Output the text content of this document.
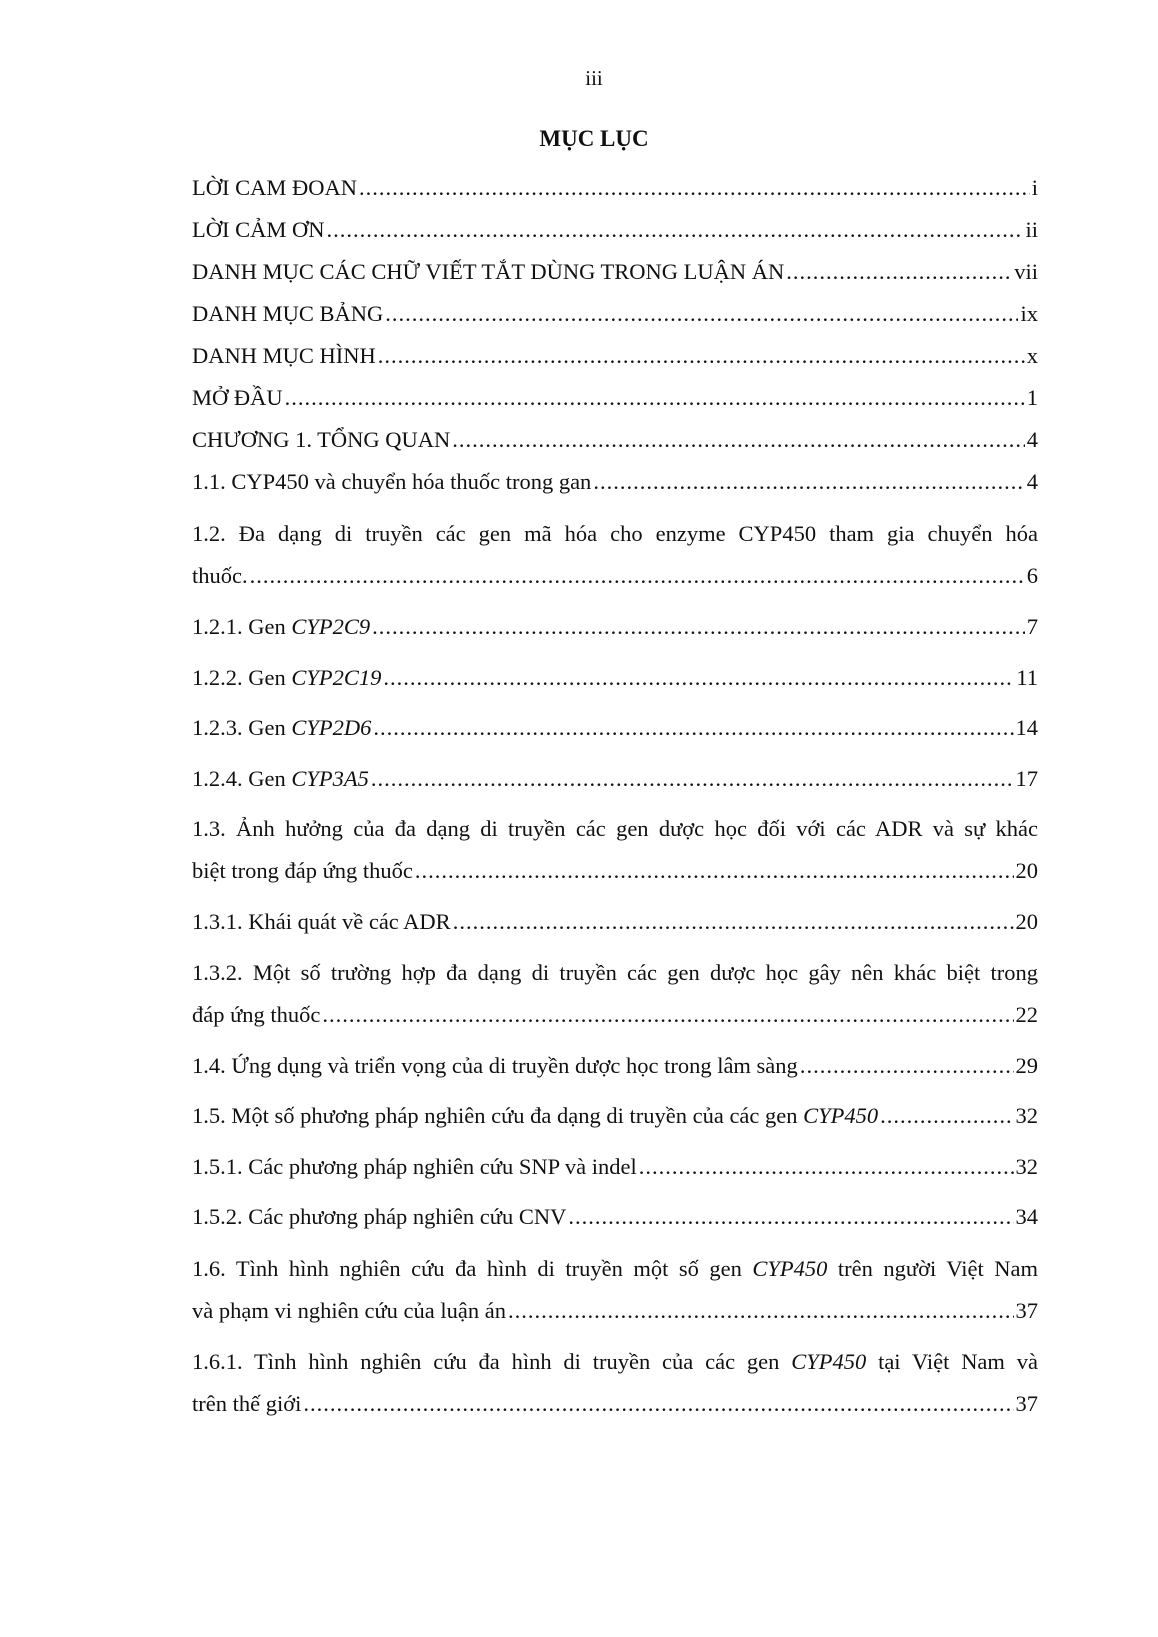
iii
MỤC LỤC
LỜI CAM ĐOAN .....	i
LỜI CẢM ƠN .....	ii
DANH MỤC CÁC CHỮ VIẾT TẮT DÙNG TRONG LUẬN ÁN .....	vii
DANH MỤC BẢNG .....	ix
DANH MỤC HÌNH .....	x
MỞ ĐẦU .....	1
CHƯƠNG 1. TỔNG QUAN .....	4
1.1. CYP450 và chuyển hóa thuốc trong gan .....	4
1.2. Đa dạng di truyền các gen mã hóa cho enzyme CYP450 tham gia chuyển hóa
thuốc. .....	6
1.2.1. Gen
CYP2C9 .....	7
1.2.2. Gen
CYP2C19 .....	11
1.2.3. Gen
CYP2D6 .....	14
1.2.4. Gen
CYP3A5 .....	17
1.3. Ảnh hưởng của đa dạng di truyền các gen dược học đối với các ADR và sự khác
biệt trong đáp ứng thuốc .....	20
1.3.1. Khái quát về các ADR .....	20
1.3.2. Một số trường hợp đa dạng di truyền các gen dược học gây nên khác biệt trong
đáp ứng thuốc .....	22
1.4. Ứng dụng và triển vọng của di truyền dược học trong lâm sàng .....	29
1.5. Một số phương pháp nghiên cứu đa dạng di truyền của các gen
CYP450 .....	32
1.5.1. Các phương pháp nghiên cứu SNP và indel .....	32
1.5.2. Các phương pháp nghiên cứu CNV .....	34
1.6. Tình hình nghiên cứu đa hình di truyền một số gen CYP450 trên người Việt Nam
và phạm vi nghiên cứu của luận án .....	37
1.6.1. Tình hình nghiên cứu đa hình di truyền của các gen CYP450 tại Việt Nam và
trên thế giới .....	37
